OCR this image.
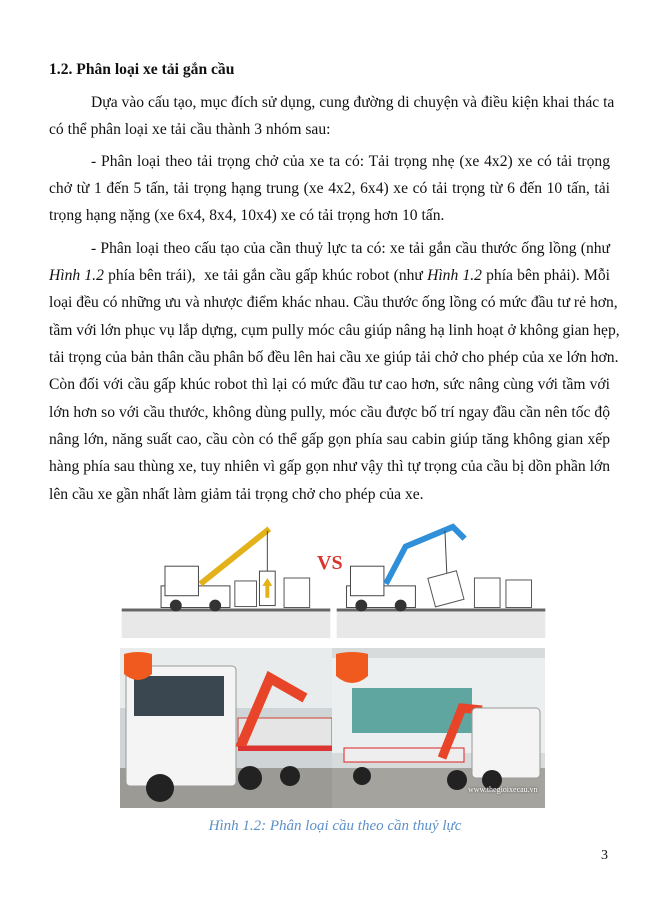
1.2. Phân loại xe tải gắn cầu
Dựa vào cấu tạo, mục đích sử dụng, cung đường di chuyện và điều kiện khai thác ta
có thể phân loại xe tải cầu thành 3 nhóm sau:
- Phân loại theo tải trọng chở của xe ta có: Tải trọng nhẹ (xe 4x2) xe có tải trọng
chở từ 1 đến 5 tấn, tải trọng hạng trung (xe 4x2, 6x4) xe có tải trọng từ 6 đến 10 tấn, tải
trọng hạng nặng (xe 6x4, 8x4, 10x4) xe có tải trọng hơn 10 tấn.
- Phân loại theo cấu tạo của cần thuỷ lực ta có: xe tải gắn cầu thước ống lồng (như
Hình 1.2 phía bên trái),  xe tải gắn cầu gấp khúc robot (như Hình 1.2 phía bên phải). Mỗi
loại đều có những ưu và nhược điểm khác nhau. Cầu thước ống lồng có mức đầu tư rẻ hơn,
tầm với lớn phục vụ lắp dựng, cụm pully móc câu giúp nâng hạ linh hoạt ở không gian hẹp,
tải trọng của bản thân cầu phân bố đều lên hai cầu xe giúp tải chở cho phép của xe lớn hơn.
Còn đối với cầu gấp khúc robot thì lại có mức đầu tư cao hơn, sức nâng cùng với tầm với
lớn hơn so với cầu thước, không dùng pully, móc cầu được bố trí ngay đầu cần nên tốc độ
nâng lớn, năng suất cao, cầu còn có thể gấp gọn phía sau cabin giúp tăng không gian xếp
hàng phía sau thùng xe, tuy nhiên vì gấp gọn như vậy thì tự trọng của cầu bị dồn phần lớn
lên cầu xe gần nhất làm giảm tải trọng chở cho phép của xe.
VS
www.thegioixecau.vn
Hình 1.2: Phân loại cầu theo cần thuỷ lực
3
